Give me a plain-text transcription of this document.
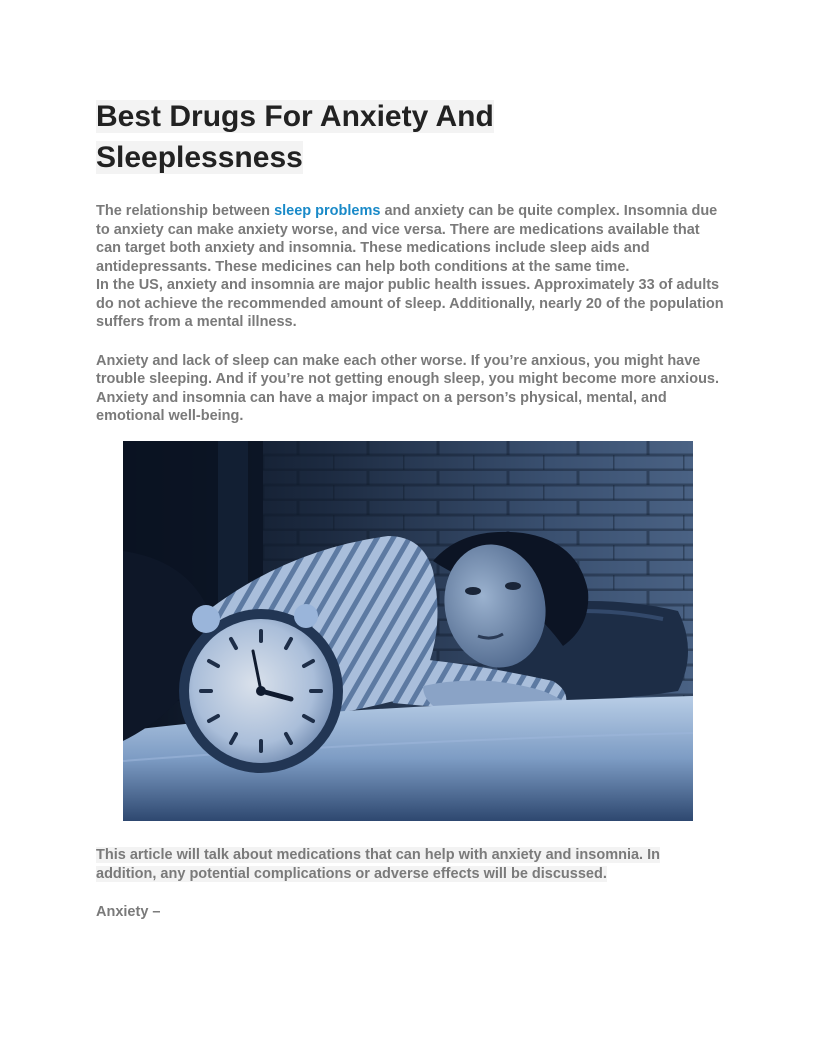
Best Drugs For Anxiety And
Sleeplessness

The relationship between sleep problems and anxiety can be quite complex. Insomnia due to anxiety can make anxiety worse, and vice versa. There are medications available that can target both anxiety and insomnia. These medications include sleep aids and antidepressants. These medicines can help both conditions at the same time.

In the US, anxiety and insomnia are major public health issues. Approximately 33 of adults do not achieve the recommended amount of sleep. Additionally, nearly 20 of the population suffers from a mental illness.

Anxiety and lack of sleep can make each other worse. If you’re anxious, you might have trouble sleeping. And if you’re not getting enough sleep, you might become more anxious. Anxiety and insomnia can have a major impact on a person’s physical, mental, and emotional well-being.

This article will talk about medications that can help with anxiety and insomnia. In addition, any potential complications or adverse effects will be discussed.

Anxiety –
